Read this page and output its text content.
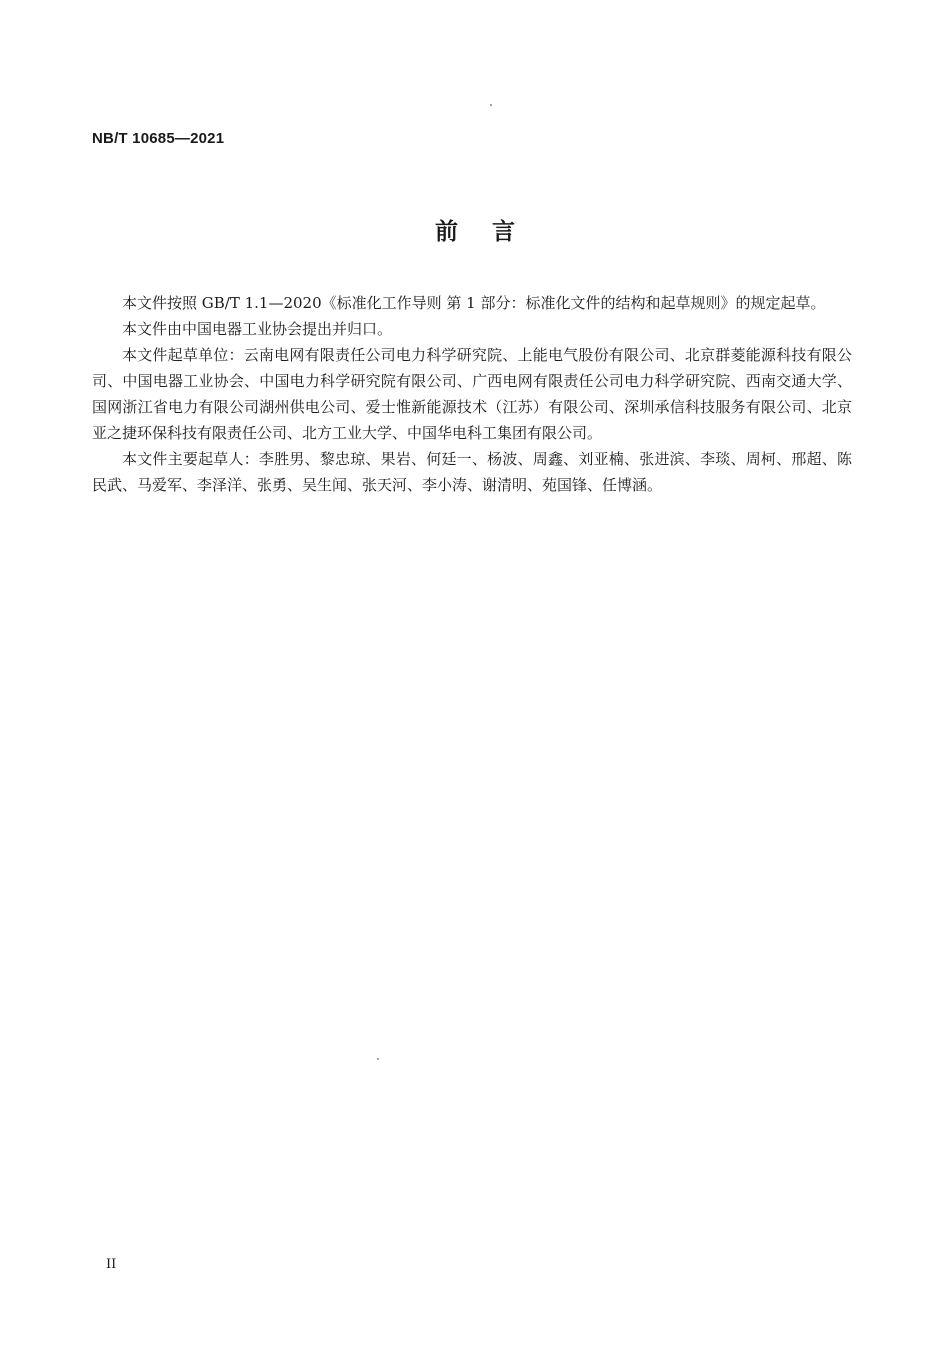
NB/T 10685—2021
前言

本文件按照 GB/T 1.1—2020《标准化工作导则 第 1 部分：标准化文件的结构和起草规则》的规定起草。

本文件由中国电器工业协会提出并归口。

本文件起草单位：云南电网有限责任公司电力科学研究院、上能电气股份有限公司、北京群菱能源科技有限公司、中国电器工业协会、中国电力科学研究院有限公司、广西电网有限责任公司电力科学研究院、西南交通大学、国网浙江省电力有限公司湖州供电公司、爱士惟新能源技术（江苏）有限公司、深圳承信科技服务有限公司、北京亚之捷环保科技有限责任公司、北方工业大学、中国华电科工集团有限公司。

本文件主要起草人：李胜男、黎忠琼、果岩、何廷一、杨波、周鑫、刘亚楠、张进滨、李琰、周柯、邢超、陈民武、马爱军、李泽洋、张勇、吴生闻、张天河、李小涛、谢清明、苑国锋、任博涵。

II
